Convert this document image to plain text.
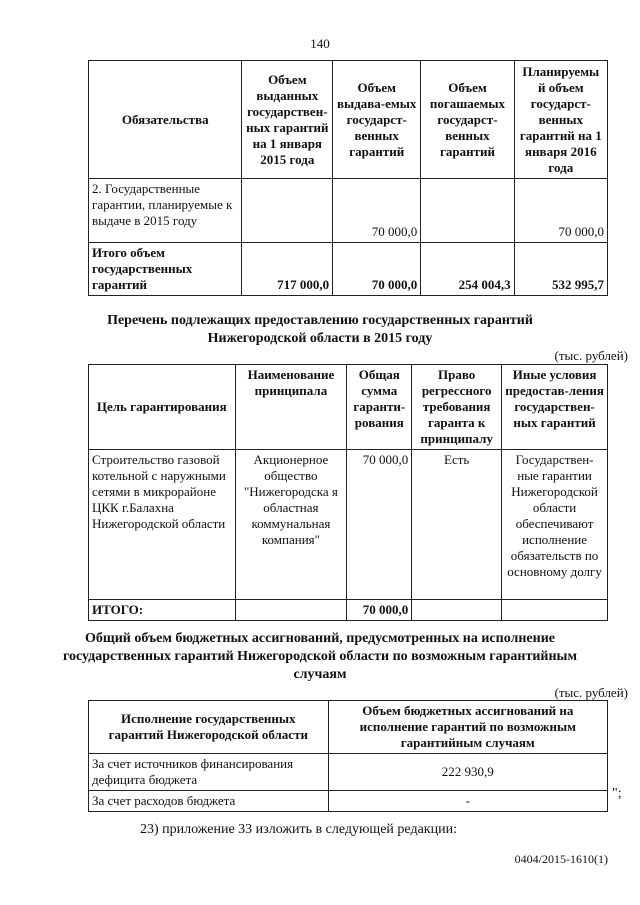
140
Обязательства	Объем выданных государствен-ных гарантий на 1 января 2015 года	Объем выдава-емых государст-венных гарантий	Объем погашаемых государст-венных гарантий	Планируемы й объем государст-венных гарантий на 1 января 2016 года
2. Государственные гарантии, планируемые к выдаче в 2015 году		70 000,0		70 000,0
Итого объем государственных гарантий	717 000,0	70 000,0	254 004,3	532 995,7
Перечень подлежащих предоставлению государственных гарантий Нижегородской области в 2015 году
(тыс. рублей)
Цель гарантирования	Наименование принципала	Общая сумма гаранти-рования	Право регрессного требования гаранта к принципалу	Иные условия предостав-ления государствен-ных гарантий
Строительство газовой котельной с наружными сетями в микрорайоне ЦКК г.Балахна Нижегородской области	Акционерное общество "Нижегородска я областная коммунальная компания"	70 000,0	Есть	Государствен-ные гарантии Нижегородской области обеспечивают исполнение обязательств по основному долгу
ИТОГО:		70 000,0		
Общий объем бюджетных ассигнований, предусмотренных на исполнение государственных гарантий Нижегородской области по возможным гарантийным случаям
(тыс. рублей)
Исполнение государственных гарантий Нижегородской области	Объем бюджетных ассигнований на исполнение гарантий по возможным гарантийным случаям
За счет источников финансирования дефицита бюджета	222 930,9
За счет расходов бюджета	-	";
23) приложение 33 изложить в следующей редакции:
0404/2015-1610(1)
